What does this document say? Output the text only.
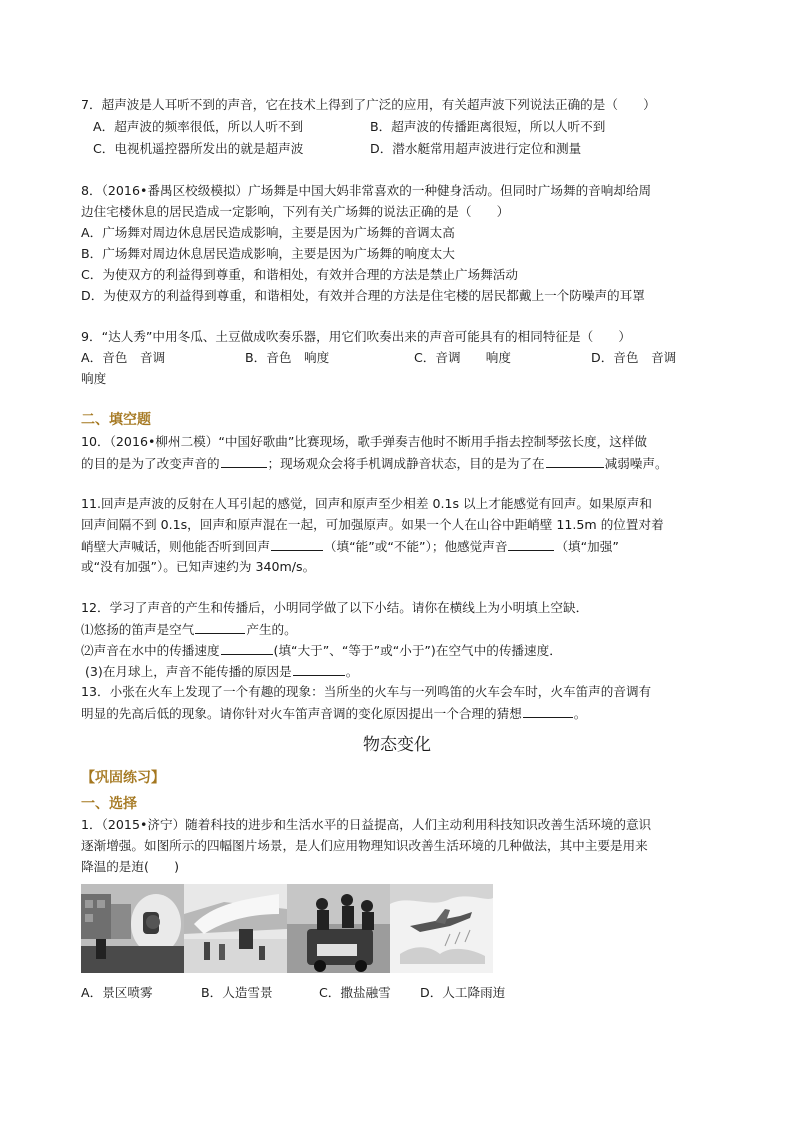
7．超声波是人耳听不到的声音，它在技术上得到了广泛的应用，有关超声波下列说法正确的是（　　）
A．超声波的频率很低，所以人听不到	B．超声波的传播距离很短，所以人听不到
C．电视机遥控器所发出的就是超声波	D．潜水艇常用超声波进行定位和测量
8．（2016•番禺区校级模拟）广场舞是中国大妈非常喜欢的一种健身活动。但同时广场舞的音响却给周
边住宅楼休息的居民造成一定影响，下列有关广场舞的说法正确的是（　　）
A．广场舞对周边休息居民造成影响，主要是因为广场舞的音调太高
B．广场舞对周边休息居民造成影响，主要是因为广场舞的响度太大
C．为使双方的利益得到尊重，和谐相处，有效并合理的方法是禁止广场舞活动
D．为使双方的利益得到尊重，和谐相处，有效并合理的方法是住宅楼的居民都戴上一个防噪声的耳罩
9．“达人秀”中用冬瓜、土豆做成吹奏乐器，用它们吹奏出来的声音可能具有的相同特征是（　　）
A．音色　音调	B．音色　响度	C．音调　　响度	D．音色　音调
响度
二、填空题
10．（2016•柳州二模）“中国好歌曲”比赛现场，歌手弹奏吉他时不断用手指去控制琴弦长度，这样做
的目的是为了改变声音的	；现场观众会将手机调成静音状态，目的是为了在	减弱噪声。
11.回声是声波的反射在人耳引起的感觉，回声和原声至少相差 0.1s 以上才能感觉有回声。如果原声和
回声间隔不到 0.1s，回声和原声混在一起，可加强原声。如果一个人在山谷中距峭壁 11.5m 的位置对着
峭壁大声喊话，则他能否听到回声	（填“能”或“不能”）；他感觉声音	（填“加强”
或“没有加强”）。已知声速约为 340m/s。
12．学习了声音的产生和传播后，小明同学做了以下小结。请你在横线上为小明填上空缺．
⑴悠扬的笛声是空气	产生的。
⑵声音在水中的传播速度	(填“大于”、“等于”或“小于”)在空气中的传播速度．
(3)在月球上，声音不能传播的原因是	。
13．小张在火车上发现了一个有趣的现象：当所坐的火车与一列鸣笛的火车会车时，火车笛声的音调有
明显的先高后低的现象。请你针对火车笛声音调的变化原因提出一个合理的猜想	。
物态变化
【巩固练习】
一、选择
1．（2015•济宁）随着科技的进步和生活水平的日益提高，人们主动利用科技知识改善生活环境的意识
逐渐增强。如图所示的四幅图片场景，是人们应用物理知识改善生活环境的几种做法，其中主要是用来
降温的是迶(　　)
A．景区喷雾	B．人造雪景	C．撒盐融雪 D．人工降雨迶
